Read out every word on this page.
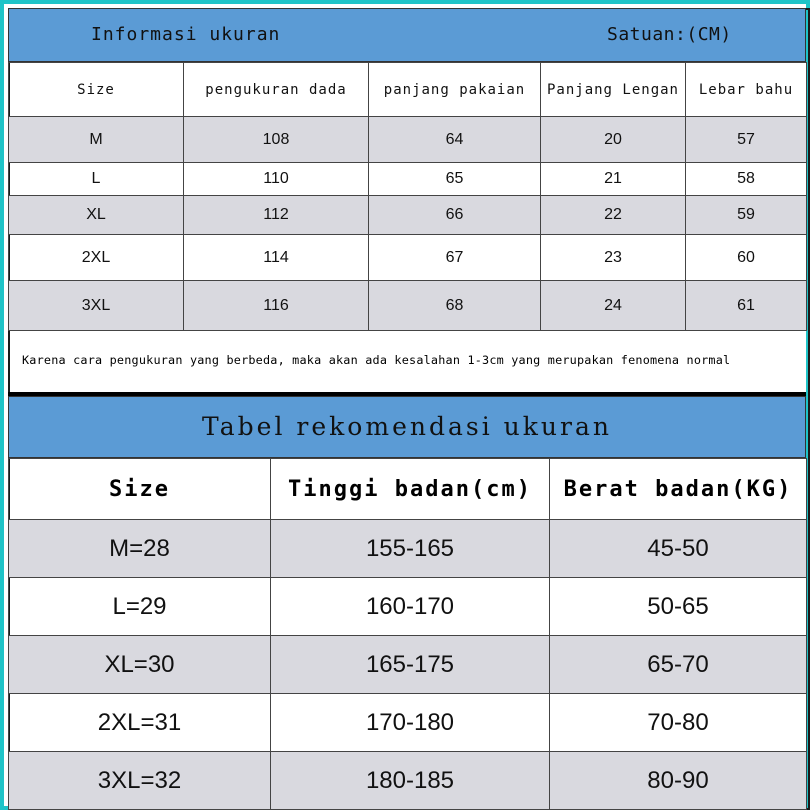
Informasi ukuran	Satuan:(CM)
Size	pengukuran dada	panjang pakaian	Panjang Lengan	Lebar bahu
M	108	64	20	57
L	110	65	21	58
XL	112	66	22	59
2XL	114	67	23	60
3XL	116	68	24	61
Karena cara pengukuran yang berbeda, maka akan ada kesalahan 1-3cm yang merupakan fenomena normal
Tabel rekomendasi ukuran
Size	Tinggi badan(cm)	Berat badan(KG)
M=28	155-165	45-50
L=29	160-170	50-65
XL=30	165-175	65-70
2XL=31	170-180	70-80
3XL=32	180-185	80-90
